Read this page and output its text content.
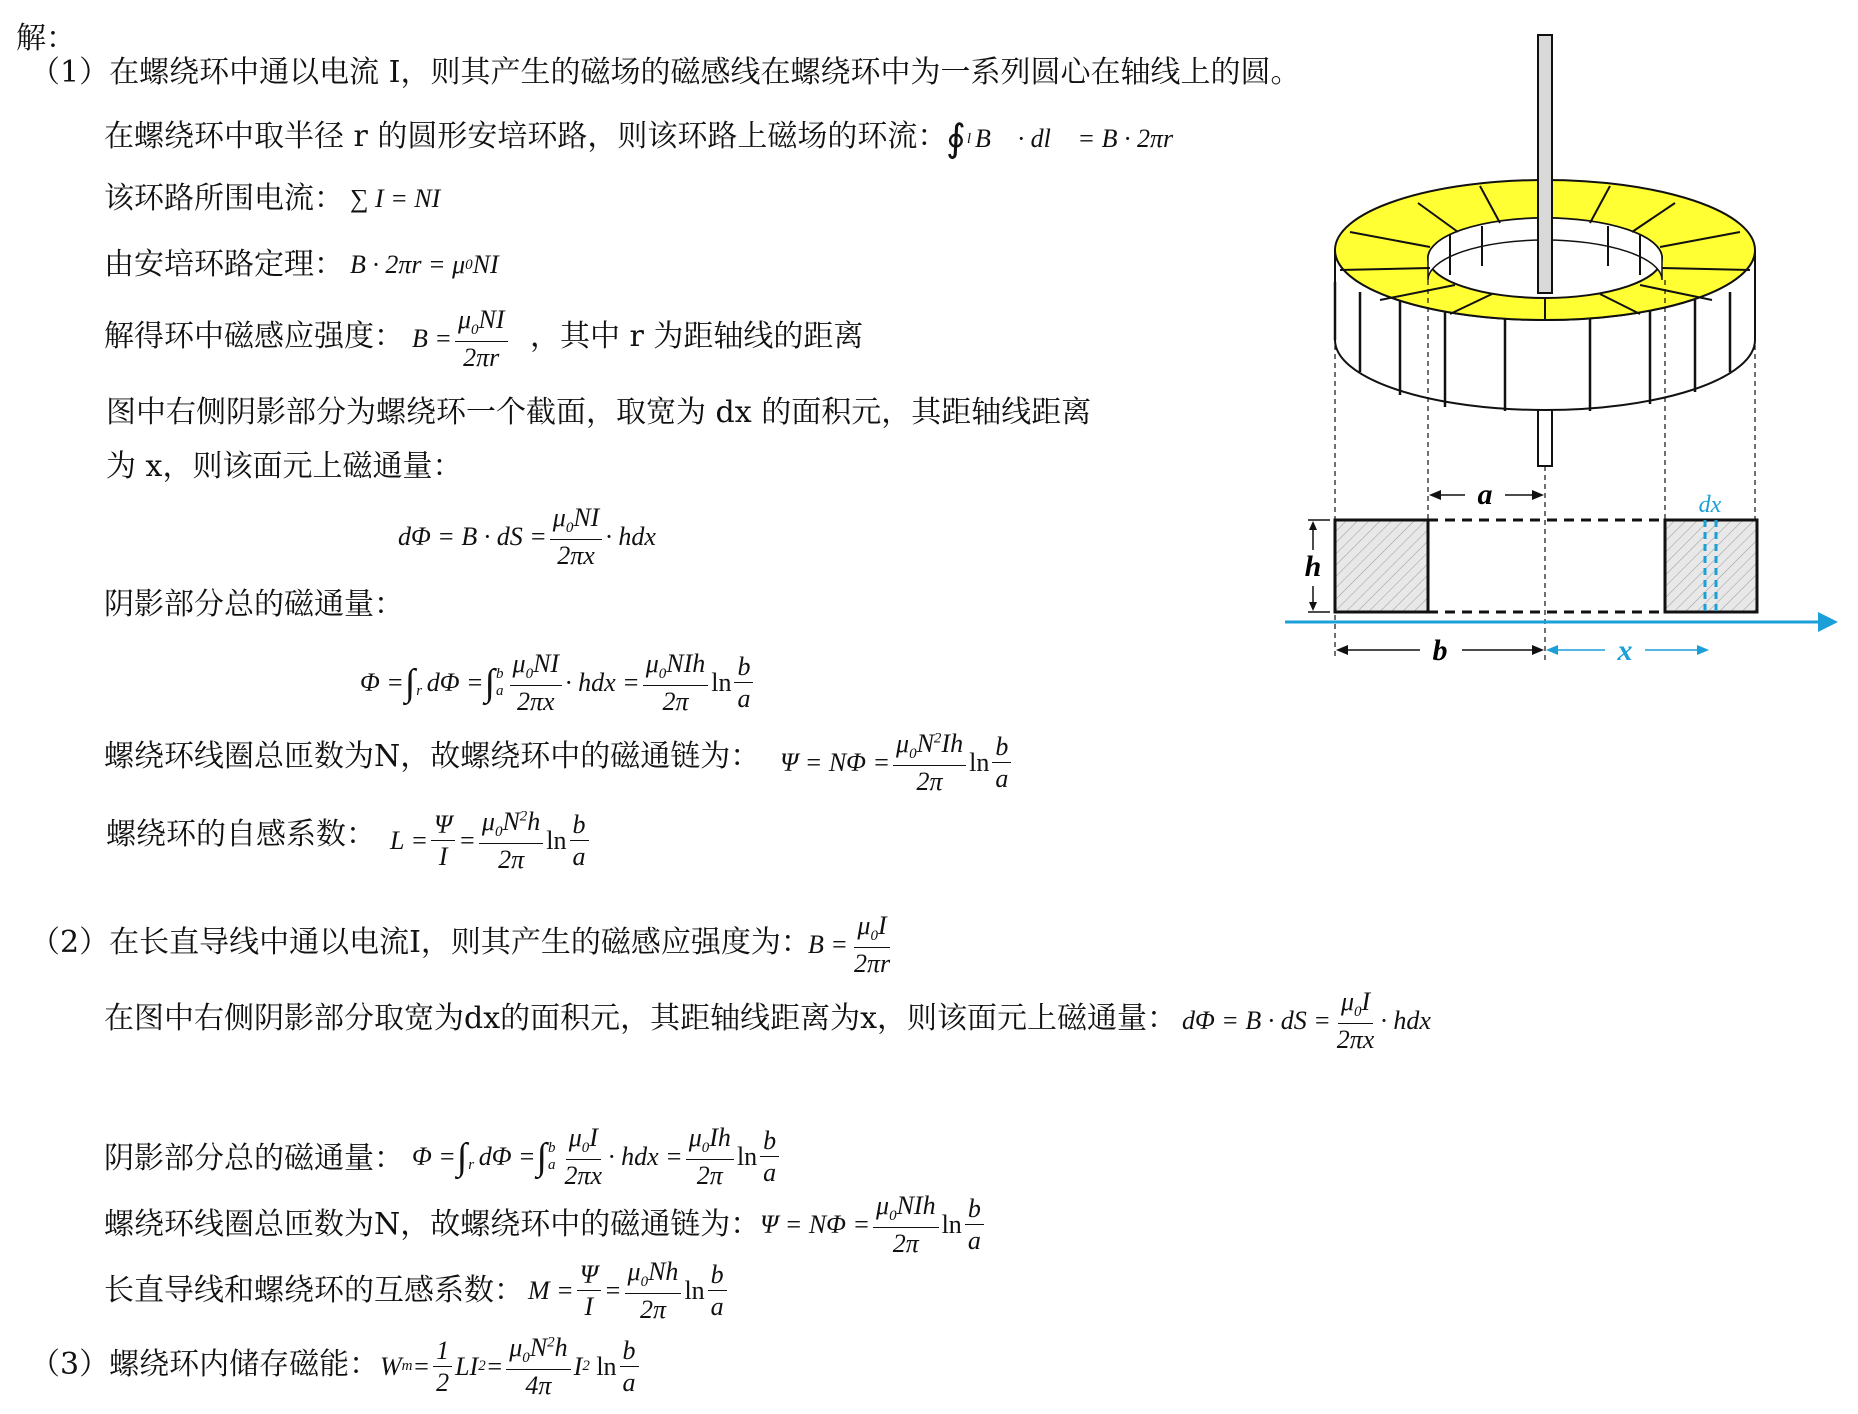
解：
（1）在螺绕环中通以电流 I，则其产生的磁场的磁感线在螺绕环中为一系列圆心在轴线上的圆。
在螺绕环中取半径 r 的圆形安培环路，则该环路上磁场的环流：
∮ l B⃗ · dl⃗ = B · 2πr
该环路所围电流： ∑ I = NI
由安培环路定理： B · 2πr = μ 0 NI
解得环中磁感应强度： $B = \frac{\mu_0NI}{2\pi r}$ ，其中 r 为距轴线的距离
图中右侧阴影部分为螺绕环一个截面，取宽为 dx 的面积元，其距轴线距离
为 x，则该面元上磁通量：
dΦ = B · dS = $\frac{\mu_0NI}{2\pi x}$ · hdx
阴影部分总的磁通量：
Φ = ∫ r dΦ = ∫ b
a $\frac{\mu_0NI}{2\pi x}$ · hdx = $\frac{\mu_0NIh}{2\pi}$ $\ln \frac{b}{a}$
螺绕环线圈总匝数为N，故螺绕环中的磁通链为： $\Psi = N\Phi = \frac{\mu_0N^2Ih}{2\pi}$ $\ln \frac{b}{a}$
螺绕环的自感系数： $L = \frac{\Psi}{I} = \frac{\mu_0N^2h}{2\pi}$ $\ln \frac{b}{a}$
（2）在长直导线中通以电流I，则其产生的磁感应强度为：
$B = \frac{\mu_0I}{2\pi r}$
在图中右侧阴影部分取宽为dx的面积元，其距轴线距离为x，则该面元上磁通量： dΦ = B · dS = $\frac{\mu_0I}{2\pi x}$ · hdx
阴影部分总的磁通量： Φ = ∫ r dΦ = ∫ b
a $\frac{\mu_0I}{2\pi x}$ · hdx = $\frac{\mu_0Ih}{2\pi}$ $\ln \frac{b}{a}$
螺绕环线圈总匝数为N，故螺绕环中的磁通链为： $\Psi = N\Phi = \frac{\mu_0NIh}{2\pi}$ $\ln \frac{b}{a}$
长直导线和螺绕环的互感系数： $M = \frac{\Psi}{I} = \frac{\mu_0Nh}{2\pi}$ $\ln \frac{b}{a}$
（3）螺绕环内储存磁能： W $m = \frac{1}{2}$ LI $2 = \frac{\mu_0N^2h}{4\pi}$ I 2
$\ln \frac{b}{a}$
dx
h
a
b	x
